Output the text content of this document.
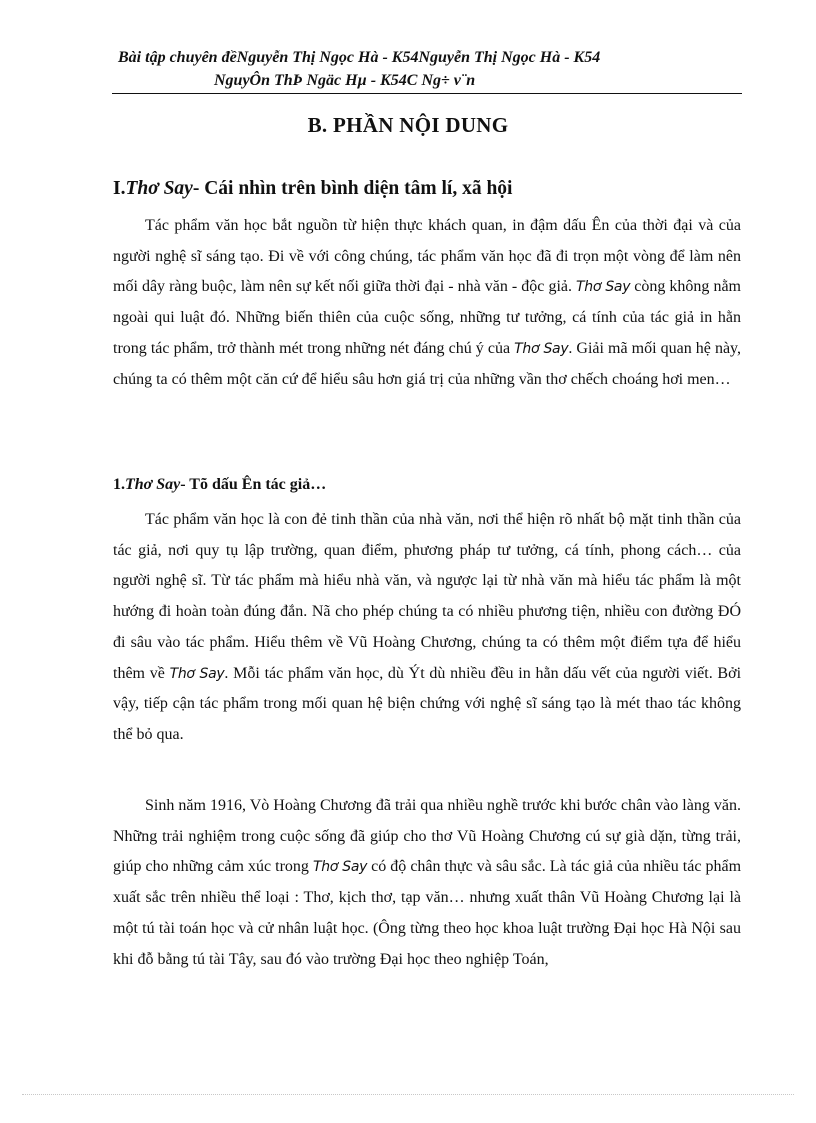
Bài tập chuyên đềNguyễn Thị Ngọc Hà - K54Nguyễn Thị Ngọc Hà - K54
NguyÔn ThÞ Ngäc Hµ - K54C Ng÷ v¨n
B. PHẦN NỘI DUNG
I.Thơ Say- Cái nhìn trên bình diện tâm lí, xã hội

Tác phẩm văn học bắt nguồn từ hiện thực khách quan, in đậm dấu Ên của thời đại và của người nghệ sĩ sáng tạo. Đi về với công chúng, tác phẩm văn học đã đi trọn một vòng để làm nên mối dây ràng buộc, làm nên sự kết nối giữa thời đại - nhà văn - độc giả. Thơ Say còng không nằm ngoài qui luật đó. Những biến thiên của cuộc sống, những tư tưởng, cá tính của tác giả in hằn trong tác phẩm, trở thành mét trong những nét đáng chú ý của Thơ Say. Giải mã mối quan hệ này, chúng ta có thêm một căn cứ để hiểu sâu hơn giá trị của những vần thơ chếch choáng hơi men…

1.Thơ Say- Tõ dấu Ên tác giả…

Tác phẩm văn học là con đẻ tinh thần của nhà văn, nơi thể hiện rõ nhất bộ mặt tinh thần của tác giả, nơi quy tụ lập trường, quan điểm, phương pháp tư tưởng, cá tính, phong cách… của người nghệ sĩ. Từ tác phẩm mà hiểu nhà văn, và ngược lại từ nhà văn mà hiểu tác phẩm là một hướng đi hoàn toàn đúng đắn. Nã cho phép chúng ta có nhiều phương tiện, nhiều con đường ĐÓ đi sâu vào tác phẩm. Hiểu thêm về Vũ Hoàng Chương, chúng ta có thêm một điểm tựa để hiểu thêm về Thơ Say. Mỗi tác phẩm văn học, dù Ýt dù nhiều đều in hằn dấu vết của người viết. Bởi vậy, tiếp cận tác phẩm trong mối quan hệ biện chứng với nghệ sĩ sáng tạo là mét thao tác không thể bỏ qua.

Sinh năm 1916, Vò Hoàng Chương đã trải qua nhiều nghề trước khi bước chân vào làng văn. Những trải nghiệm trong cuộc sống đã giúp cho thơ Vũ Hoàng Chương cú sự già dặn, từng trải, giúp cho những cảm xúc trong Thơ Say có độ chân thực và sâu sắc. Là tác giả của nhiều tác phẩm xuất sắc trên nhiều thể loại : Thơ, kịch thơ, tạp văn… nhưng xuất thân Vũ Hoàng Chương lại là một tú tài toán học và cử nhân luật học. (Ông từng theo học khoa luật trường Đại học Hà Nội sau khi đỗ bằng tú tài Tây, sau đó vào trường Đại học theo nghiệp Toán,
